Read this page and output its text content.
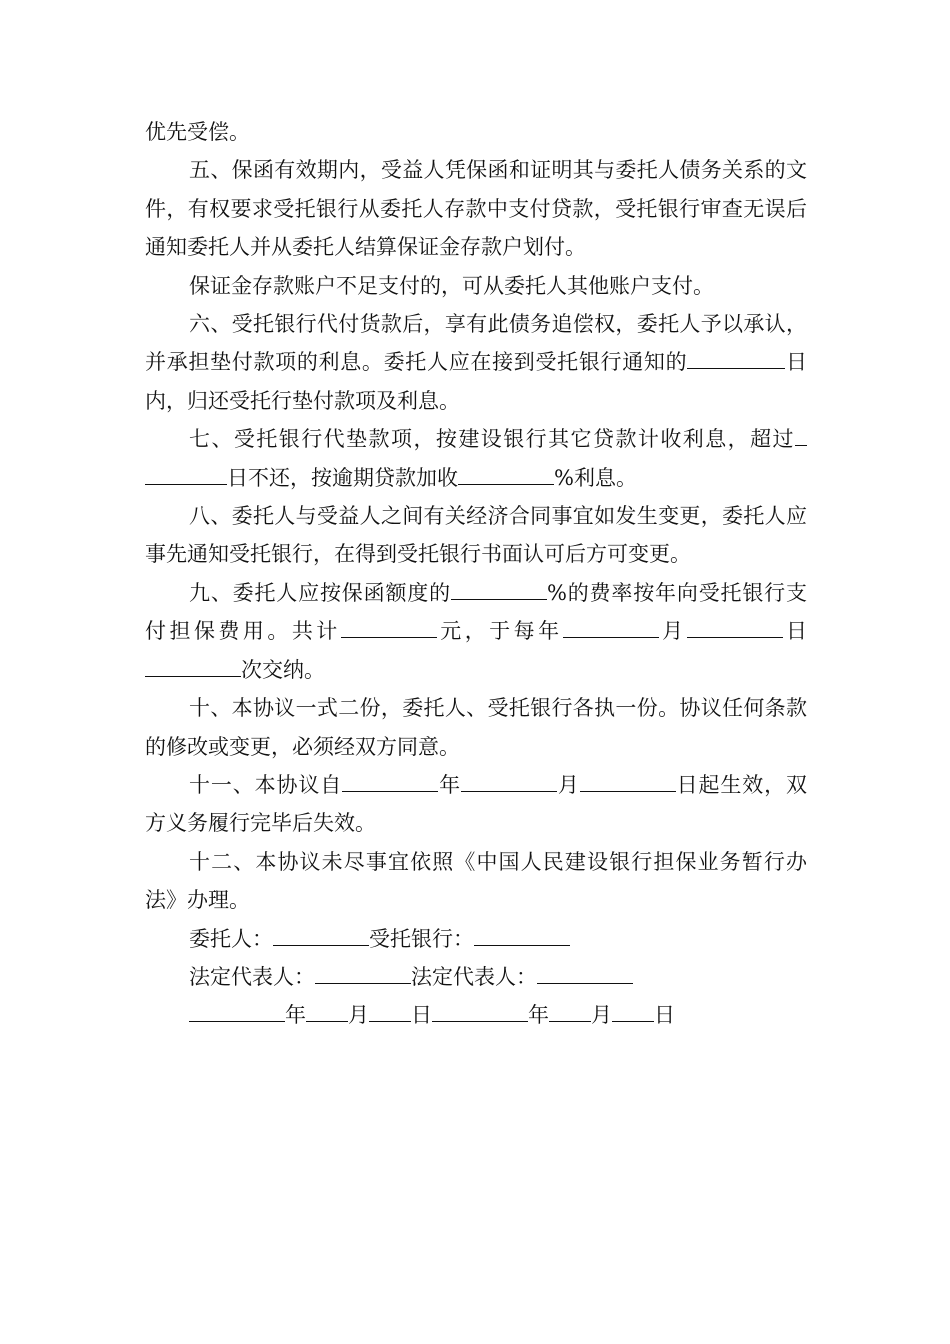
优先受偿。

五、保函有效期内，受益人凭保函和证明其与委托人债务关系的文件，有权要求受托银行从委托人存款中支付贷款，受托银行审查无误后通知委托人并从委托人结算保证金存款户划付。

保证金存款账户不足支付的，可从委托人其他账户支付。

六、受托银行代付货款后，享有此债务追偿权，委托人予以承认，并承担垫付款项的利息。委托人应在接到受托银行通知的	日内，归还受托行垫付款项及利息。

七、受托银行代垫款项，按建设银行其它贷款计收利息，超过日不还，按逾期贷款加收	%利息。

八、委托人与受益人之间有关经济合同事宜如发生变更，委托人应事先通知受托银行，在得到受托银行书面认可后方可变更。

九、委托人应按保函额度的	%的费率按年向受托银行支付担保费用。共计	元，于每年	月	日次交纳。

十、本协议一式二份，委托人、受托银行各执一份。协议任何条款的修改或变更，必须经双方同意。

十一、本协议自	年	月	日起生效，双方义务履行完毕后失效。

十二、本协议未尽事宜依照《中国人民建设银行担保业务暂行办法》办理。

委托人：	受托银行：

法定代表人：	法定代表人：

年 月 日	年 月 日
